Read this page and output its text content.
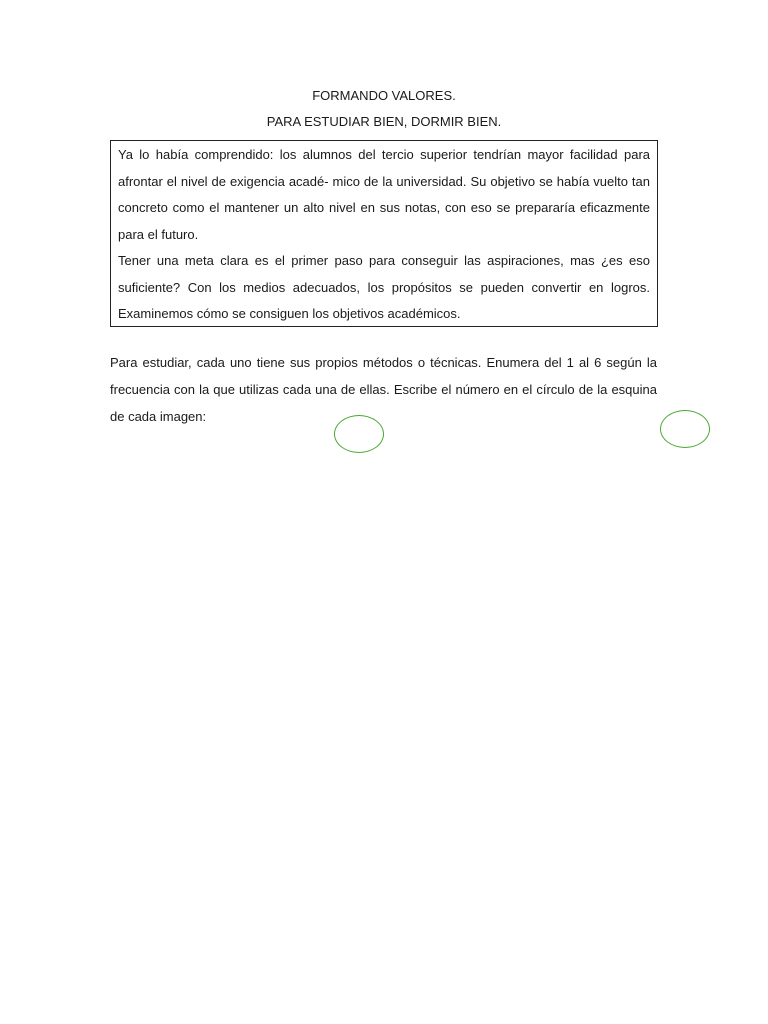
FORMANDO VALORES.
PARA ESTUDIAR BIEN, DORMIR BIEN.

Ya lo había comprendido: los alumnos del tercio superior tendrían mayor facilidad para afrontar el nivel de exigencia acadé- mico de la universidad. Su objetivo se había vuelto tan concreto como el mantener un alto nivel en sus notas, con eso se prepararía eficazmente para el futuro.

Tener una meta clara es el primer paso para conseguir las aspiraciones, mas ¿es eso suficiente? Con los medios adecuados, los propósitos se pueden convertir en logros. Examinemos cómo se consiguen los objetivos académicos.

Para estudiar, cada uno tiene sus propios métodos o técnicas. Enumera del 1 al 6 según la frecuencia con la que utilizas cada una de ellas. Escribe el número en el círculo de la esquina de cada imagen:
